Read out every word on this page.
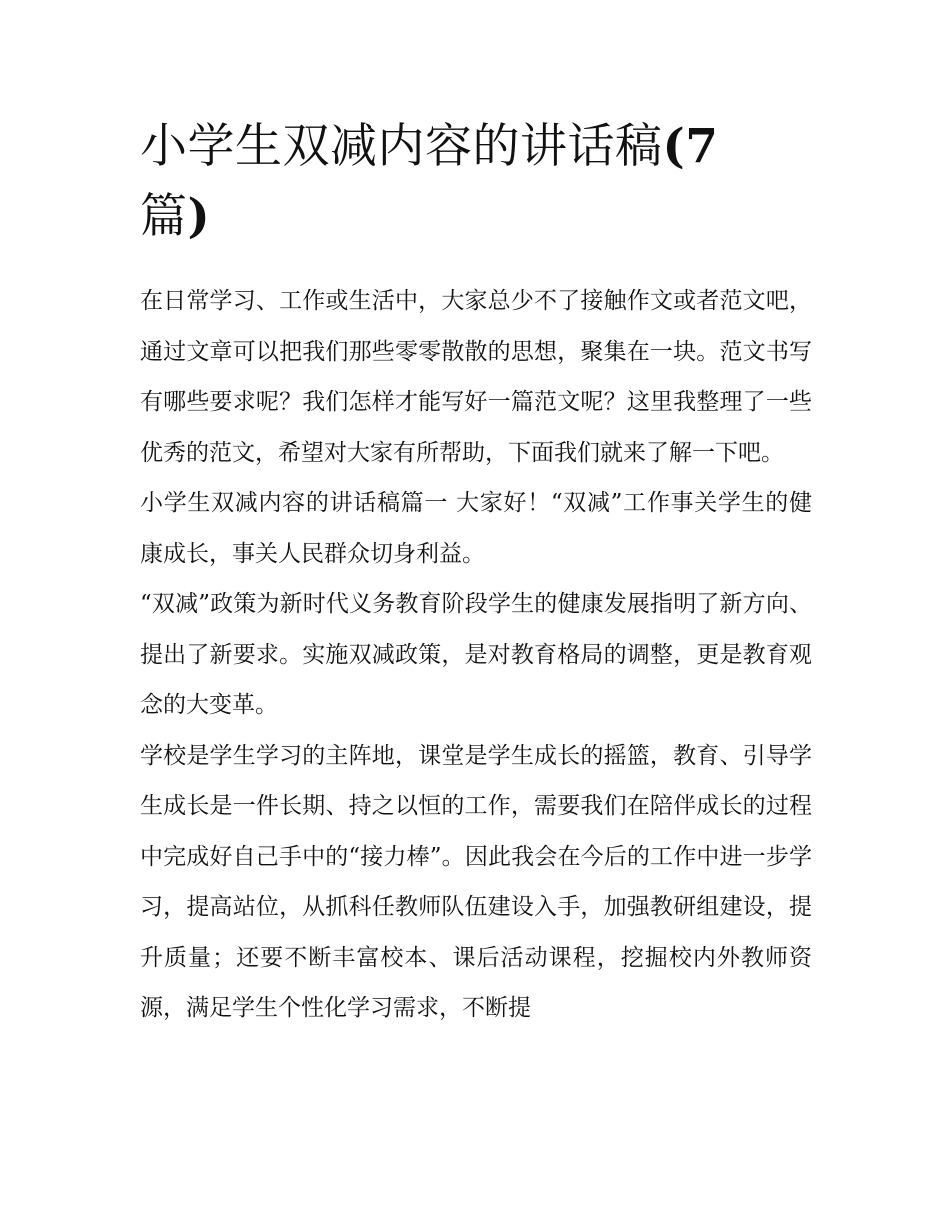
小学生双减内容的讲话稿(7篇)

在日常学习、工作或生活中，大家总少不了接触作文或者范文吧，通过文章可以把我们那些零零散散的思想，聚集在一块。范文书写有哪些要求呢？我们怎样才能写好一篇范文呢？这里我整理了一些优秀的范文，希望对大家有所帮助，下面我们就来了解一下吧。

小学生双减内容的讲话稿篇一 大家好！“双减”工作事关学生的健康成长，事关人民群众切身利益。

“双减”政策为新时代义务教育阶段学生的健康发展指明了新方向、提出了新要求。实施双减政策，是对教育格局的调整，更是教育观念的大变革。

学校是学生学习的主阵地，课堂是学生成长的摇篮，教育、引导学生成长是一件长期、持之以恒的工作，需要我们在陪伴成长的过程中完成好自己手中的“接力棒”。因此我会在今后的工作中进一步学习，提高站位，从抓科任教师队伍建设入手，加强教研组建设，提升质量；还要不断丰富校本、课后活动课程，挖掘校内外教师资源，满足学生个性化学习需求，不断提
